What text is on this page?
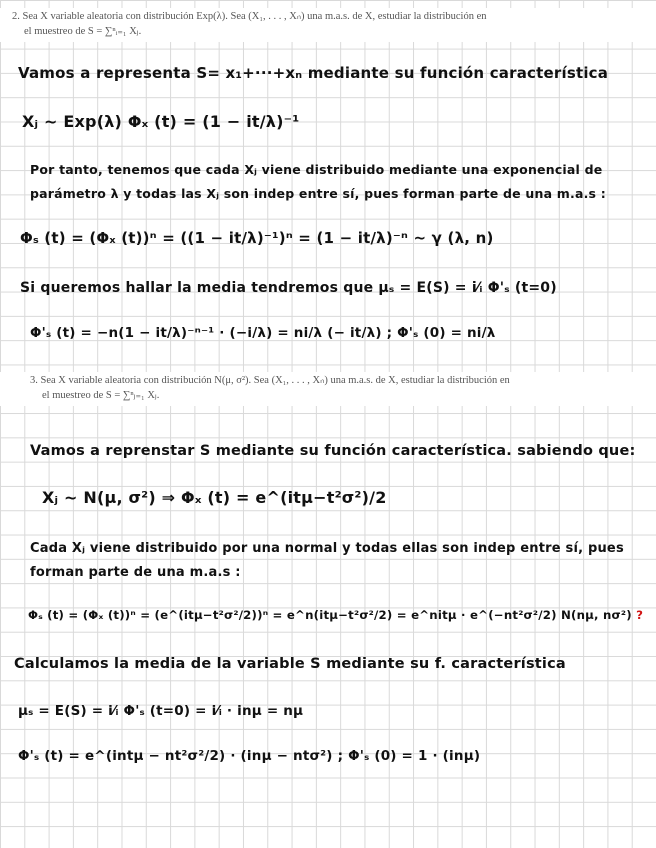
2. Sea X variable aleatoria con distribución Exp(λ). Sea (X₁, . . . , Xₙ) una m.a.s. de X, estudiar la distribución en
el muestreo de S = ∑ⁿᵢ₌₁ Xⱼ.
Vamos a representa S= x₁+···+xₙ mediante su función característica
Xⱼ ~ Exp(λ) Φₓ (t) = (1 − it/λ)⁻¹
Por tanto, tenemos que cada Xⱼ viene distribuido mediante una exponencial de
parámetro λ y todas las Xⱼ son indep entre sí, pues forman parte de una m.a.s :
Φₛ (t) = (Φₓ (t))ⁿ = ((1 − it/λ)⁻¹)ⁿ = (1 − it/λ)⁻ⁿ ~ γ (λ, n)
Si queremos hallar la media tendremos que μₛ = E(S) = ⅰ⁄ᵢ Φ'ₛ (t=0)
Φ'ₛ (t) = −n(1 − it/λ)⁻ⁿ⁻¹ · (−i/λ) = ni/λ (− it/λ) ; Φ'ₛ (0) = ni/λ
3. Sea X variable aleatoria con distribución N(μ, σ²). Sea (X₁, . . . , Xₙ) una m.a.s. de X, estudiar la distribución en
el muestreo de S = ∑ⁿⱼ₌₁ Xⱼ.
Vamos a reprenstar S mediante su función característica. sabiendo que:
Xⱼ ~ N(μ, σ²) ⇒ Φₓ (t) = e^(itμ−t²σ²)/2
Cada Xⱼ viene distribuido por una normal y todas ellas son indep entre sí, pues
forman parte de una m.a.s :
Φₛ (t) = (Φₓ (t))ⁿ = (e^(itμ−t²σ²/2))ⁿ = e^n(itμ−t²σ²/2) = e^nitμ · e^(−nt²σ²/2) N(nμ, nσ²) ?
Calculamos la media de la variable S mediante su f. característica
μₛ = E(S) = ⅰ⁄ᵢ Φ'ₛ (t=0) = ⅰ⁄ᵢ · inμ = nμ
Φ'ₛ (t) = e^(intμ − nt²σ²/2) · (inμ − ntσ²) ; Φ'ₛ (0) = 1 · (inμ)
